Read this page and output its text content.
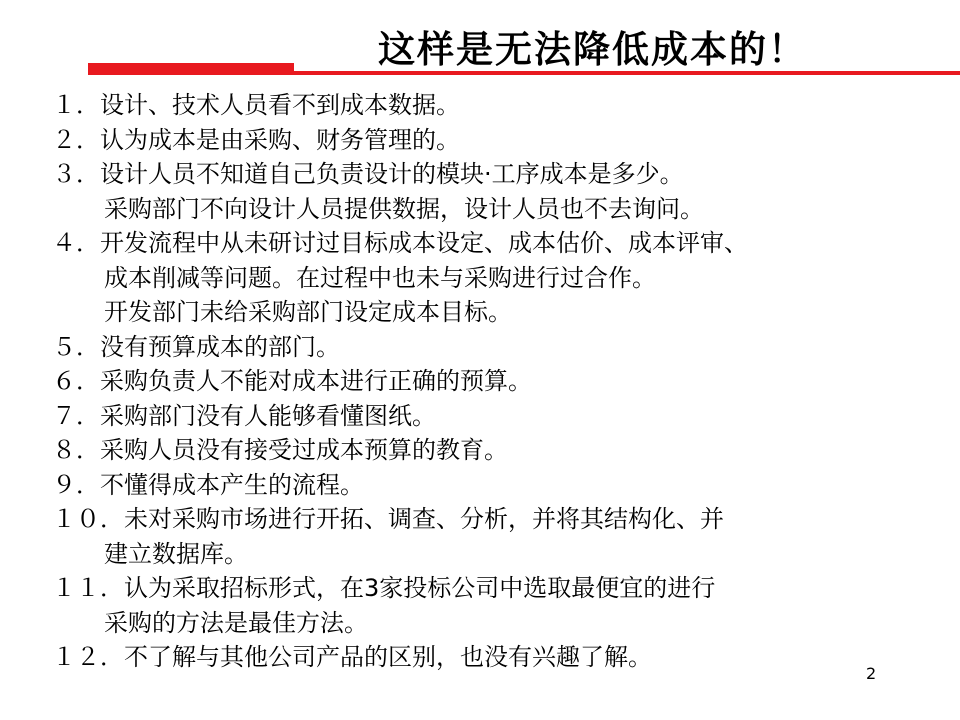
这样是无法降低成本的！
１．设计、技术人员看不到成本数据。
２．认为成本是由采购、财务管理的。
３．设计人员不知道自己负责设计的模块·工序成本是多少。
采购部门不向设计人员提供数据，设计人员也不去询问。
４．开发流程中从未研讨过目标成本设定、成本估价、成本评审、
成本削减等问题。在过程中也未与采购进行过合作。
开发部门未给采购部门设定成本目标。
５．没有预算成本的部门。
６．采购负责人不能对成本进行正确的预算。
７．采购部门没有人能够看懂图纸。
８．采购人员没有接受过成本预算的教育。
９．不懂得成本产生的流程。
１０．未对采购市场进行开拓、调查、分析，并将其结构化、并
建立数据库。
１１．认为采取招标形式，在3家投标公司中选取最便宜的进行
采购的方法是最佳方法。
１２．不了解与其他公司产品的区别，也没有兴趣了解。
2
